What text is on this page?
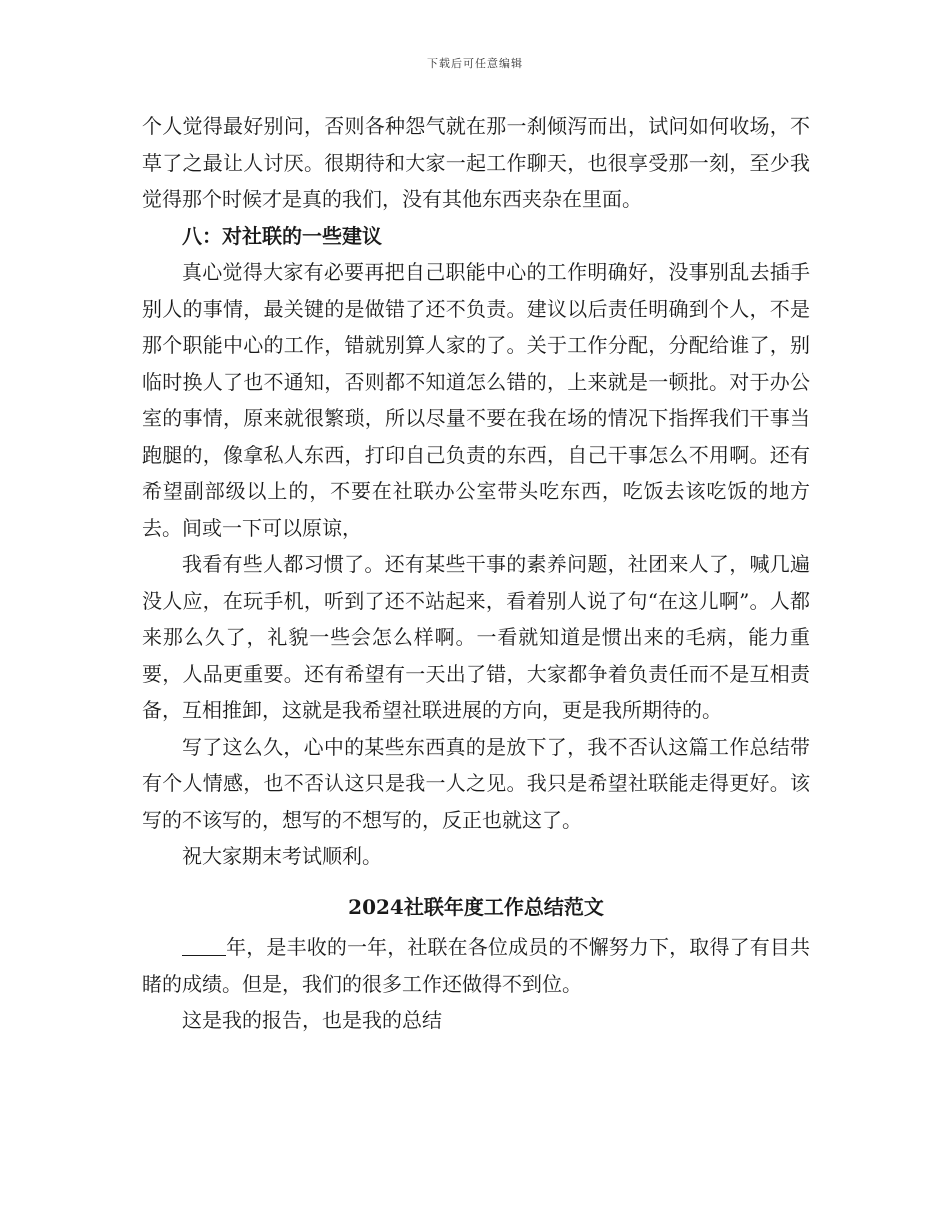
下载后可任意编辑

个人觉得最好别问，否则各种怨气就在那一刹倾泻而出，试问如何收场，不草了之最让人讨厌。很期待和大家一起工作聊天，也很享受那一刻，至少我觉得那个时候才是真的我们，没有其他东西夹杂在里面。

八：对社联的一些建议

真心觉得大家有必要再把自己职能中心的工作明确好，没事别乱去插手别人的事情，最关键的是做错了还不负责。建议以后责任明确到个人，不是那个职能中心的工作，错就别算人家的了。关于工作分配，分配给谁了，别临时换人了也不通知，否则都不知道怎么错的，上来就是一顿批。对于办公室的事情，原来就很繁琐，所以尽量不要在我在场的情况下指挥我们干事当跑腿的，像拿私人东西，打印自己负责的东西，自己干事怎么不用啊。还有希望副部级以上的，不要在社联办公室带头吃东西，吃饭去该吃饭的地方去。间或一下可以原谅，

我看有些人都习惯了。还有某些干事的素养问题，社团来人了，喊几遍没人应，在玩手机，听到了还不站起来，看着别人说了句“在这儿啊”。人都来那么久了，礼貌一些会怎么样啊。一看就知道是惯出来的毛病，能力重要，人品更重要。还有希望有一天出了错，大家都争着负责任而不是互相责备，互相推卸，这就是我希望社联进展的方向，更是我所期待的。

写了这么久，心中的某些东西真的是放下了，我不否认这篇工作总结带有个人情感，也不否认这只是我一人之见。我只是希望社联能走得更好。该写的不该写的，想写的不想写的，反正也就这了。

祝大家期末考试顺利。

2024社联年度工作总结范文

年，是丰收的一年，社联在各位成员的不懈努力下，取得了有目共睹的成绩。但是，我们的很多工作还做得不到位。

这是我的报告，也是我的总结
